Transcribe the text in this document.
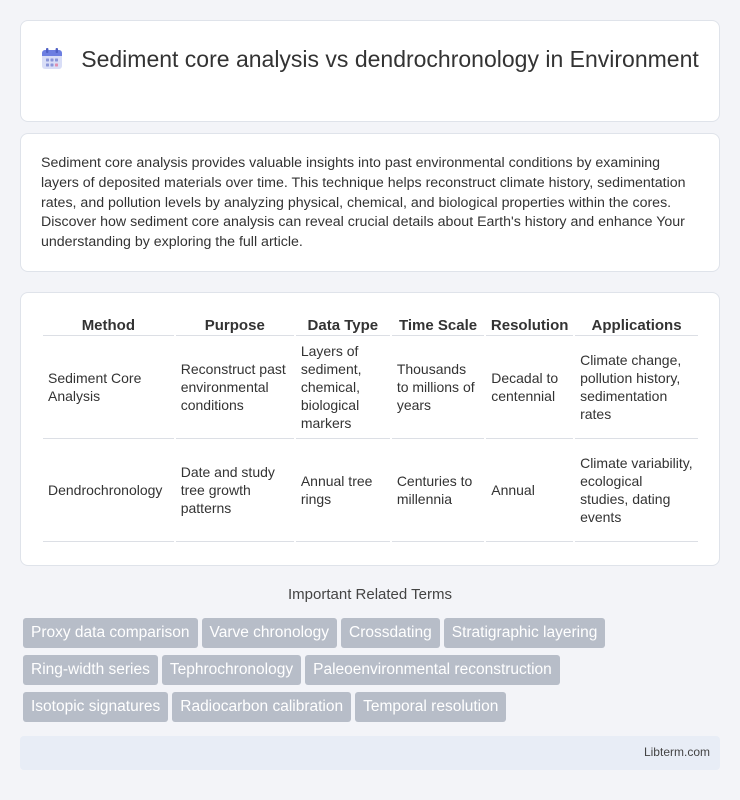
Sediment core analysis vs dendrochronology in Environment

Sediment core analysis provides valuable insights into past environmental conditions by examining layers of deposited materials over time. This technique helps reconstruct climate history, sedimentation rates, and pollution levels by analyzing physical, chemical, and biological properties within the cores. Discover how sediment core analysis can reveal crucial details about Earth's history and enhance Your understanding by exploring the full article.

Method	Purpose	Data Type	Time Scale	Resolution	Applications
Sediment Core Analysis	Reconstruct past environmental conditions	Layers of sediment, chemical, biological markers	Thousands to millions of years	Decadal to centennial	Climate change, pollution history, sedimentation rates
Dendrochronology	Date and study tree growth patterns	Annual tree rings	Centuries to millennia	Annual	Climate variability, ecological studies, dating events
Important Related Terms
Proxy data comparison Varve chronology Crossdating Stratigraphic layering
Ring-width series Tephrochronology Paleoenvironmental reconstruction
Isotopic signatures Radiocarbon calibration Temporal resolution
Libterm.com
